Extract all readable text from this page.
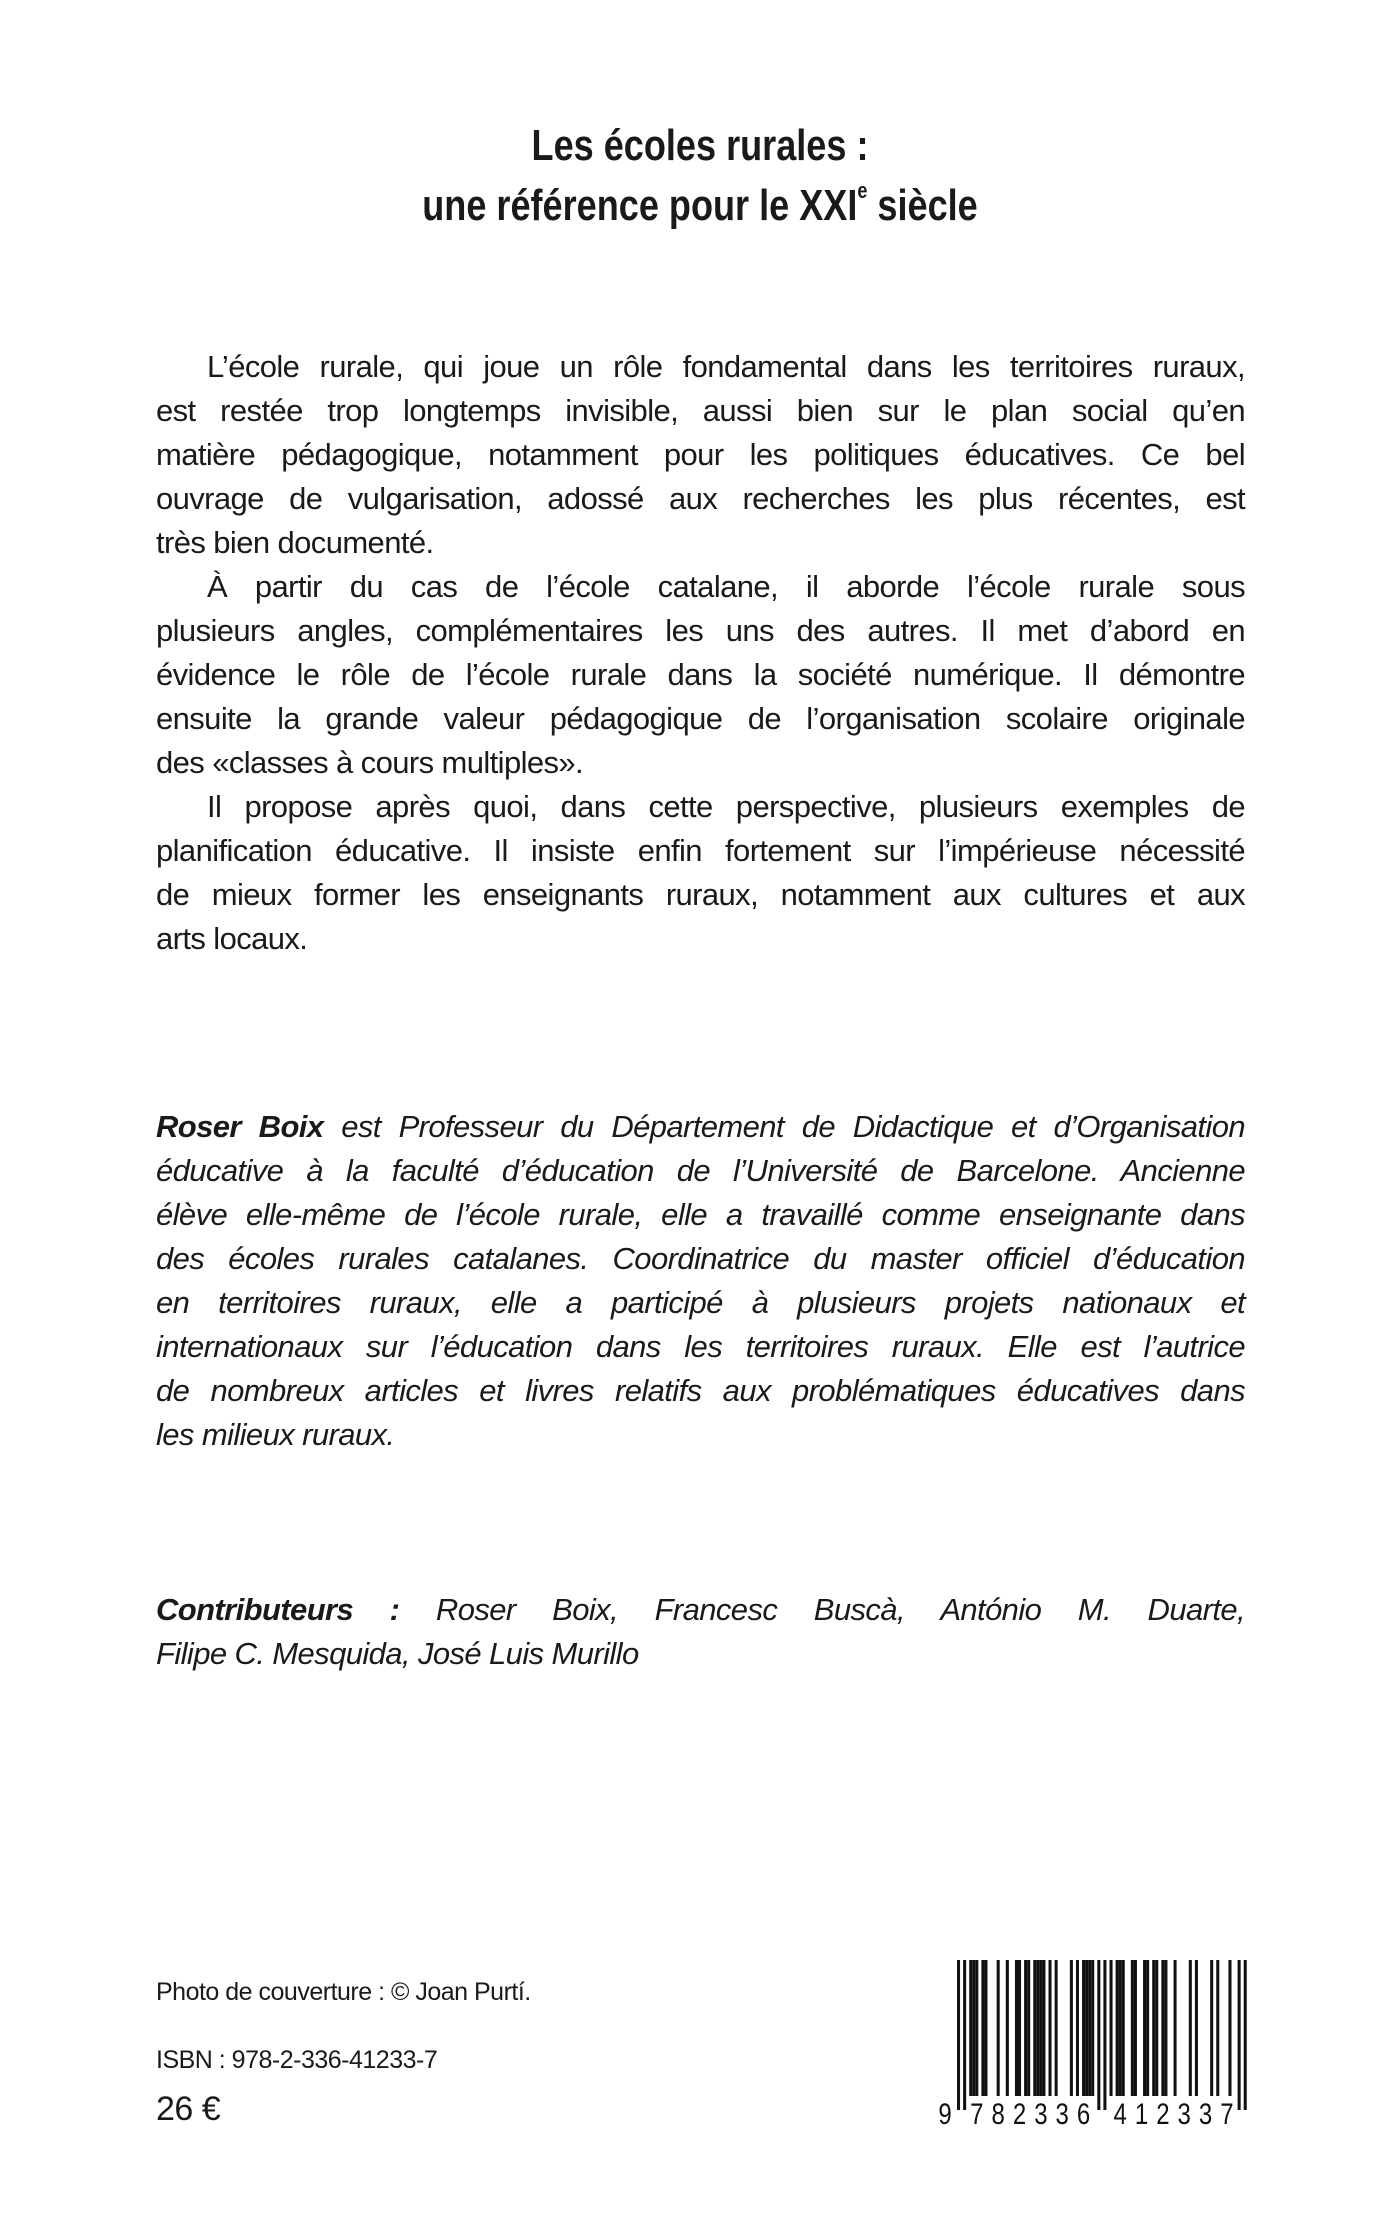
Les écoles rurales :
une référence pour le XXIe siècle
L’école rurale, qui joue un rôle fondamental dans les territoires ruraux,
est restée trop longtemps invisible, aussi bien sur le plan social qu’en
matière pédagogique, notamment pour les politiques éducatives. Ce bel
ouvrage de vulgarisation, adossé aux recherches les plus récentes, est
très bien documenté.
À partir du cas de l’école catalane, il aborde l’école rurale sous
plusieurs angles, complémentaires les uns des autres. Il met d’abord en
évidence le rôle de l’école rurale dans la société numérique. Il démontre
ensuite la grande valeur pédagogique de l’organisation scolaire originale
des «classes à cours multiples».
Il propose après quoi, dans cette perspective, plusieurs exemples de
planification éducative. Il insiste enfin fortement sur l’impérieuse nécessité
de mieux former les enseignants ruraux, notamment aux cultures et aux
arts locaux.
Roser Boix est Professeur du Département de Didactique et d’Organisation
éducative à la faculté d’éducation de l’Université de Barcelone. Ancienne
élève elle-même de l’école rurale, elle a travaillé comme enseignante dans
des écoles rurales catalanes. Coordinatrice du master officiel d’éducation
en territoires ruraux, elle a participé à plusieurs projets nationaux et
internationaux sur l’éducation dans les territoires ruraux. Elle est l’autrice
de nombreux articles et livres relatifs aux problématiques éducatives dans
les milieux ruraux.
Contributeurs : Roser Boix, Francesc Buscà, António M. Duarte,
Filipe C. Mesquida, José Luis Murillo
Photo de couverture : © Joan Purtí.
ISBN : 978-2-336-41233-7
26 €	9 7 8 2 3 3 6 4 1 2 3 3 7
